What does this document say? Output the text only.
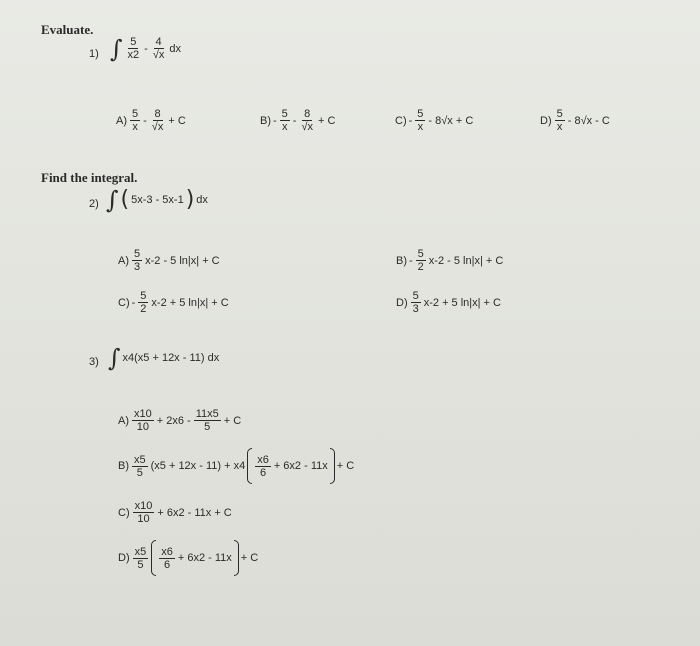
Evaluate.
Find the integral.
1) ∫ $\frac{5}{x2} - \frac{4}{√x}$ dx
$A) \frac{5}{x} - \frac{8}{√x} + C$	$B) - \frac{5}{x} - \frac{8}{√x} + C$	$C) - \frac{5}{x} - 8√x + C$	$D) \frac{5}{x} - 8√x$ - C
2) ∫ ( 5x-3 - 5x-1 ) dx
$A) \frac{5}{3} x-2 - 5$ ln|x| + C	$B) - \frac{5}{2} x-2 - 5$ ln|x| + C
$C) - \frac{5}{2} x-2 + 5$ ln|x| + C	$D) \frac{5}{3} x-2 + 5$ ln|x| + C
3) ∫ x4(x5 + 12x - 11) dx
$A) \frac{x10}{10} + 2x6 - \frac{11x5}{5} + C$
$B) \frac{x5}{5} (x5 + 12x - 11) + x4 \frac{x6}{6} + 6x2 - 11x + C$
$C) \frac{x10}{10} + 6x2 - 11x + C$
$D) \frac{x5}{5} \frac{x6}{6} + 6x2 - 11x + C$
